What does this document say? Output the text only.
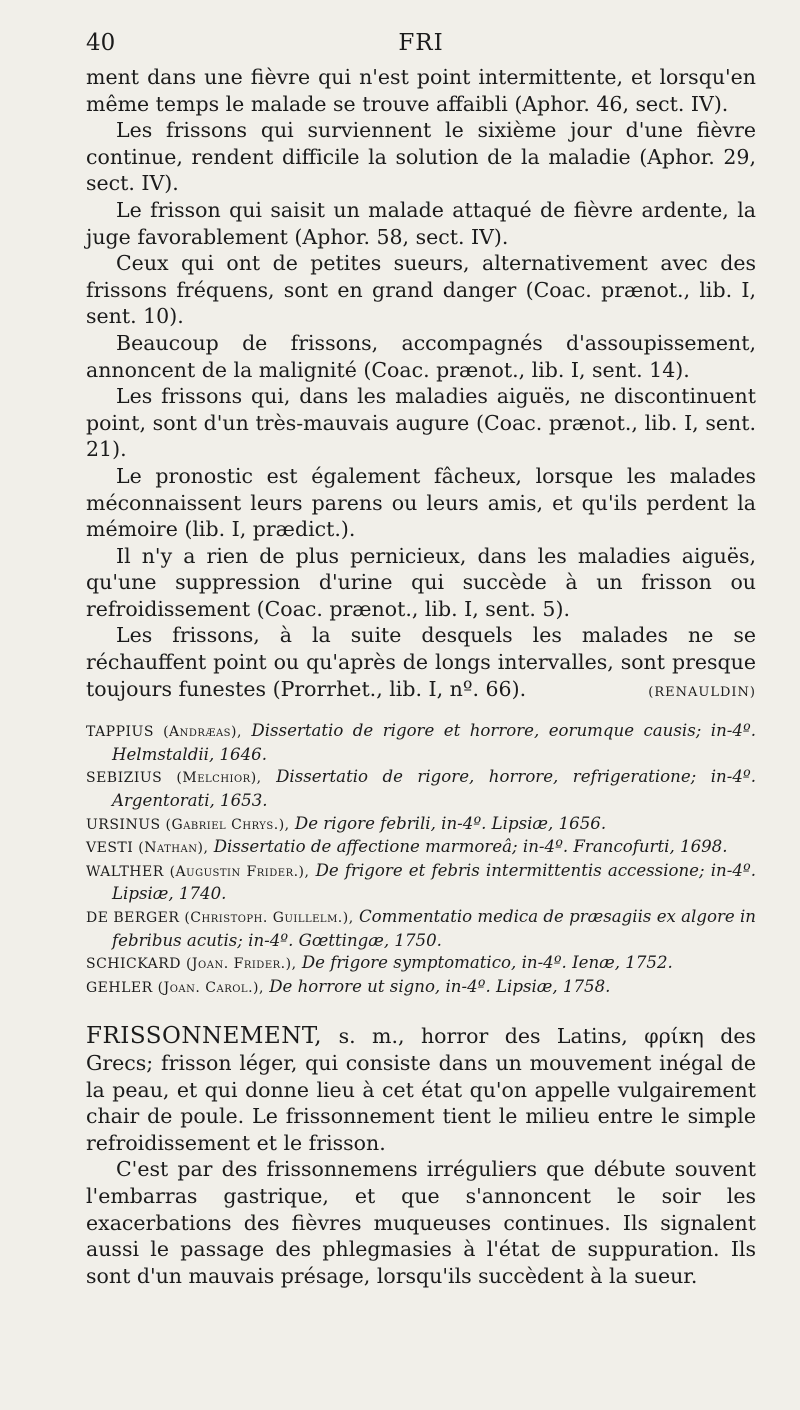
40	FRI

ment dans une fièvre qui n'est point intermittente, et lorsqu'en même temps le malade se trouve affaibli (Aphor. 46, sect. IV).

Les frissons qui surviennent le sixième jour d'une fièvre continue, rendent difficile la solution de la maladie (Aphor. 29, sect. IV).

Le frisson qui saisit un malade attaqué de fièvre ardente, la juge favorablement (Aphor. 58, sect. IV).

Ceux qui ont de petites sueurs, alternativement avec des frissons fréquens, sont en grand danger (Coac. prænot., lib. I, sent. 10).

Beaucoup de frissons, accompagnés d'assoupissement, annoncent de la malignité (Coac. prænot., lib. I, sent. 14).

Les frissons qui, dans les maladies aiguës, ne discontinuent point, sont d'un très-mauvais augure (Coac. prænot., lib. I, sent. 21).

Le pronostic est également fâcheux, lorsque les malades méconnaissent leurs parens ou leurs amis, et qu'ils perdent la mémoire (lib. I, prædict.).

Il n'y a rien de plus pernicieux, dans les maladies aiguës, qu'une suppression d'urine qui succède à un frisson ou refroidissement (Coac. prænot., lib. I, sent. 5).

Les frissons, à la suite desquels les malades ne se réchauffent point ou qu'après de longs intervalles, sont presque toujours funestes (Prorrhet., lib. I, nº. 66).	(RENAULDIN)

TAPPIUS (Andræas), Dissertatio de rigore et horrore, eorumque causis; in-4º. Helmstaldii, 1646.

SEBIZIUS (Melchior), Dissertatio de rigore, horrore, refrigeratione; in-4º. Argentorati, 1653.

URSINUS (Gabriel Chrys.), De rigore febrili, in-4º. Lipsiæ, 1656.

VESTI (Nathan), Dissertatio de affectione marmoreâ; in-4º. Francofurti, 1698.

WALTHER (Augustin Frider.), De frigore et febris intermittentis accessione; in-4º. Lipsiæ, 1740.

DE BERGER (Christoph. Guillelm.), Commentatio medica de præsagiis ex algore in febribus acutis; in-4º. Gœttingæ, 1750.

SCHICKARD (Joan. Frider.), De frigore symptomatico, in-4º. Ienæ, 1752.

GEHLER (Joan. Carol.), De horrore ut signo, in-4º. Lipsiæ, 1758.

FRISSONNEMENT, s. m., horror des Latins, φρίκη des Grecs; frisson léger, qui consiste dans un mouvement inégal de la peau, et qui donne lieu à cet état qu'on appelle vulgairement chair de poule. Le frissonnement tient le milieu entre le simple refroidissement et le frisson.

C'est par des frissonnemens irréguliers que débute souvent l'embarras gastrique, et que s'annoncent le soir les exacerbations des fièvres muqueuses continues. Ils signalent aussi le passage des phlegmasies à l'état de suppuration. Ils sont d'un mauvais présage, lorsqu'ils succèdent à la sueur.
